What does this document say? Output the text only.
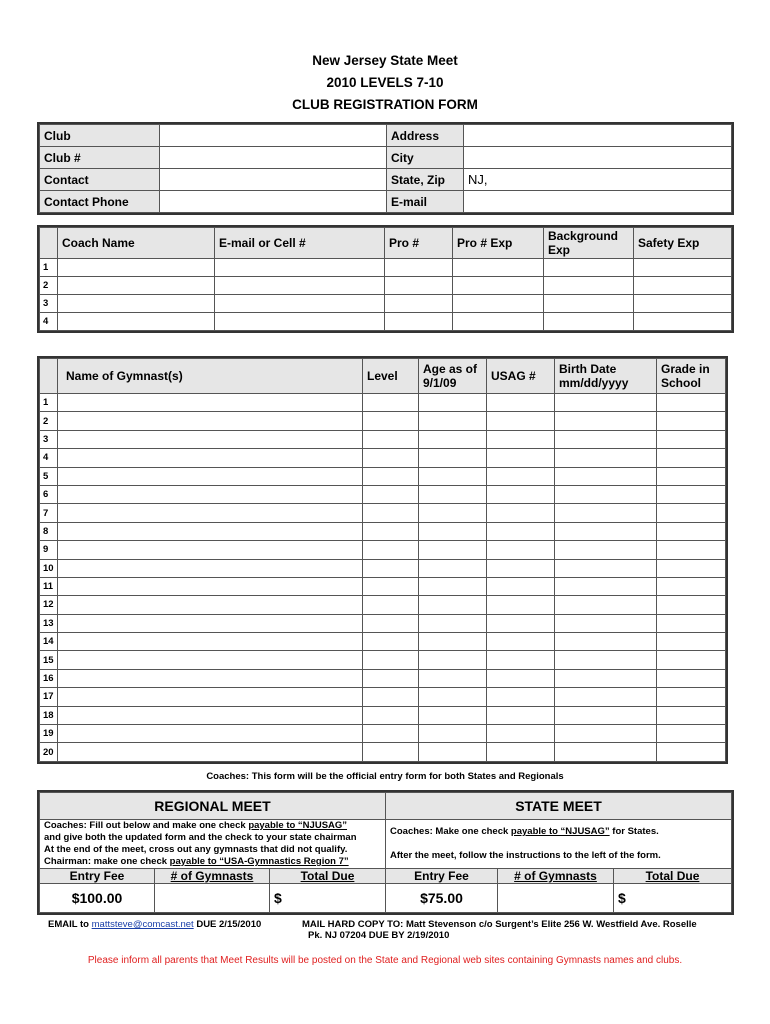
New Jersey State Meet
2010 LEVELS 7-10
CLUB REGISTRATION FORM
Club		Address	
Club #		City	
Contact		State, Zip	NJ,
Contact Phone		E-mail	
	Coach Name	E-mail or Cell #	Pro #	Pro # Exp	Background Exp	Safety Exp
1						
2						
3						
4						
	Name of Gymnast(s)	Level	Age as of 9/1/09	USAG #	Birth Date mm/dd/yyyy	Grade in School
1						
2						
3						
4						
5						
6						
7						
8						
9						
10						
11						
12						
13						
14						
15						
16						
17						
18						
19						
20						
Coaches: This form will be the official entry form for both States and Regionals
REGIONAL MEET			STATE MEET		
Coaches: Fill out below and make one check payable to “NJUSAG”
and give both the updated form and the check to your state chairman
At the end of the meet, cross out any gymnasts that did not qualify.
Chairman: make one check payable to “USA-Gymnastics Region 7”			Coaches: Make one check payable to “NJUSAG” for States.

After the meet, follow the instructions to the left of the form.		
Entry Fee	# of Gymnasts	Total Due	Entry Fee	# of Gymnasts	Total Due
$100.00		$	$75.00		$
EMAIL to mattsteve@comcast.net DUE 2/15/2010	MAIL HARD COPY TO: Matt Stevenson c/o Surgent’s Elite 256 W. Westfield Ave. Roselle
Pk. NJ 07204 DUE BY 2/19/2010
Please inform all parents that Meet Results will be posted on the State and Regional web sites containing Gymnasts names and clubs.
